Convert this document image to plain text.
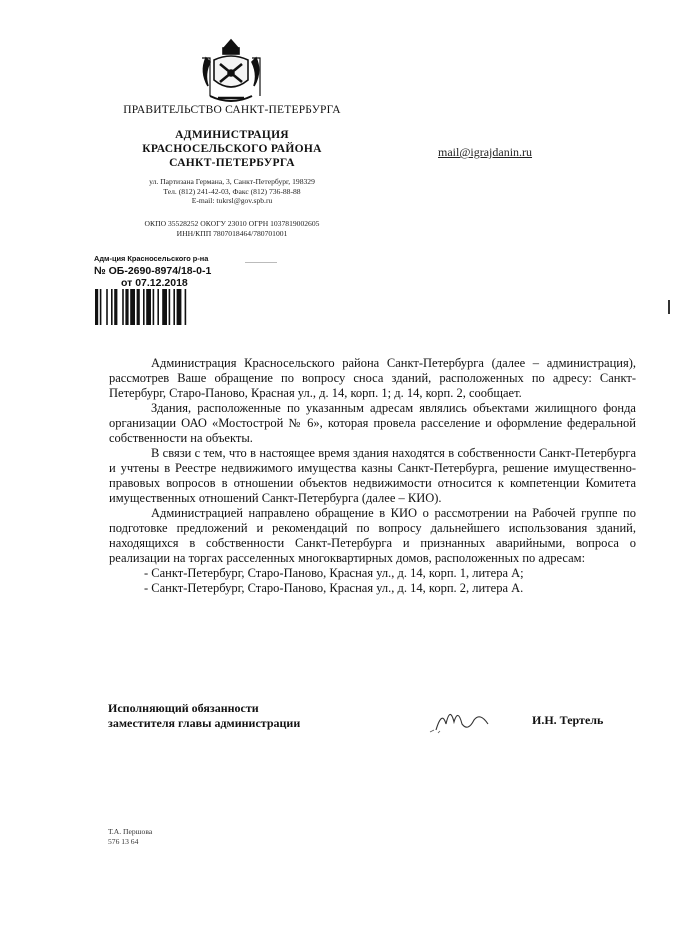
ПРАВИТЕЛЬСТВО САНКТ-ПЕТЕРБУРГА
АДМИНИСТРАЦИЯ
КРАСНОСЕЛЬСКОГО РАЙОНА
САНКТ-ПЕТЕРБУРГА
ул. Партизана Германа, 3, Санкт-Петербург, 198329
Тел. (812) 241-42-03, Факс (812) 736-88-88
E-mail: tukrsl@gov.spb.ru
ОКПО 35528252 ОКОГУ 23010 ОГРН 1037819002605
ИНН/КПП 7807018464/780701001
mail@igrajdanin.ru
Адм-ция Красносельского р-на
№ ОБ-2690-8974/18-0-1
от 07.12.2018

Администрация Красносельского района Санкт-Петербурга (далее – администрация), рассмотрев Ваше обращение по вопросу сноса зданий, расположенных по адресу: Санкт-Петербург, Старо-Паново, Красная ул., д. 14, корп. 1; д. 14, корп. 2, сообщает.

Здания, расположенные по указанным адресам являлись объектами жилищного фонда организации ОАО «Мостострой № 6», которая провела расселение и оформление федеральной собственности на объекты.

В связи с тем, что в настоящее время здания находятся в собственности Санкт-Петербурга и учтены в Реестре недвижимого имущества казны Санкт-Петербурга, решение имущественно-правовых вопросов в отношении объектов недвижимости относится к компетенции Комитета имущественных отношений Санкт-Петербурга (далее – КИО).

Администрацией направлено обращение в КИО о рассмотрении на Рабочей группе по подготовке предложений и рекомендаций по вопросу дальнейшего использования зданий, находящихся в собственности Санкт-Петербурга и признанных аварийными, вопроса о реализации на торгах расселенных многоквартирных домов, расположенных по адресам:

- Санкт-Петербург, Старо-Паново, Красная ул., д. 14, корп. 1, литера А;

- Санкт-Петербург, Старо-Паново, Красная ул., д. 14, корп. 2, литера А.

Исполняющий обязанности
заместителя главы администрации	И.Н. Тертель
Т.А. Першова
576 13 64
